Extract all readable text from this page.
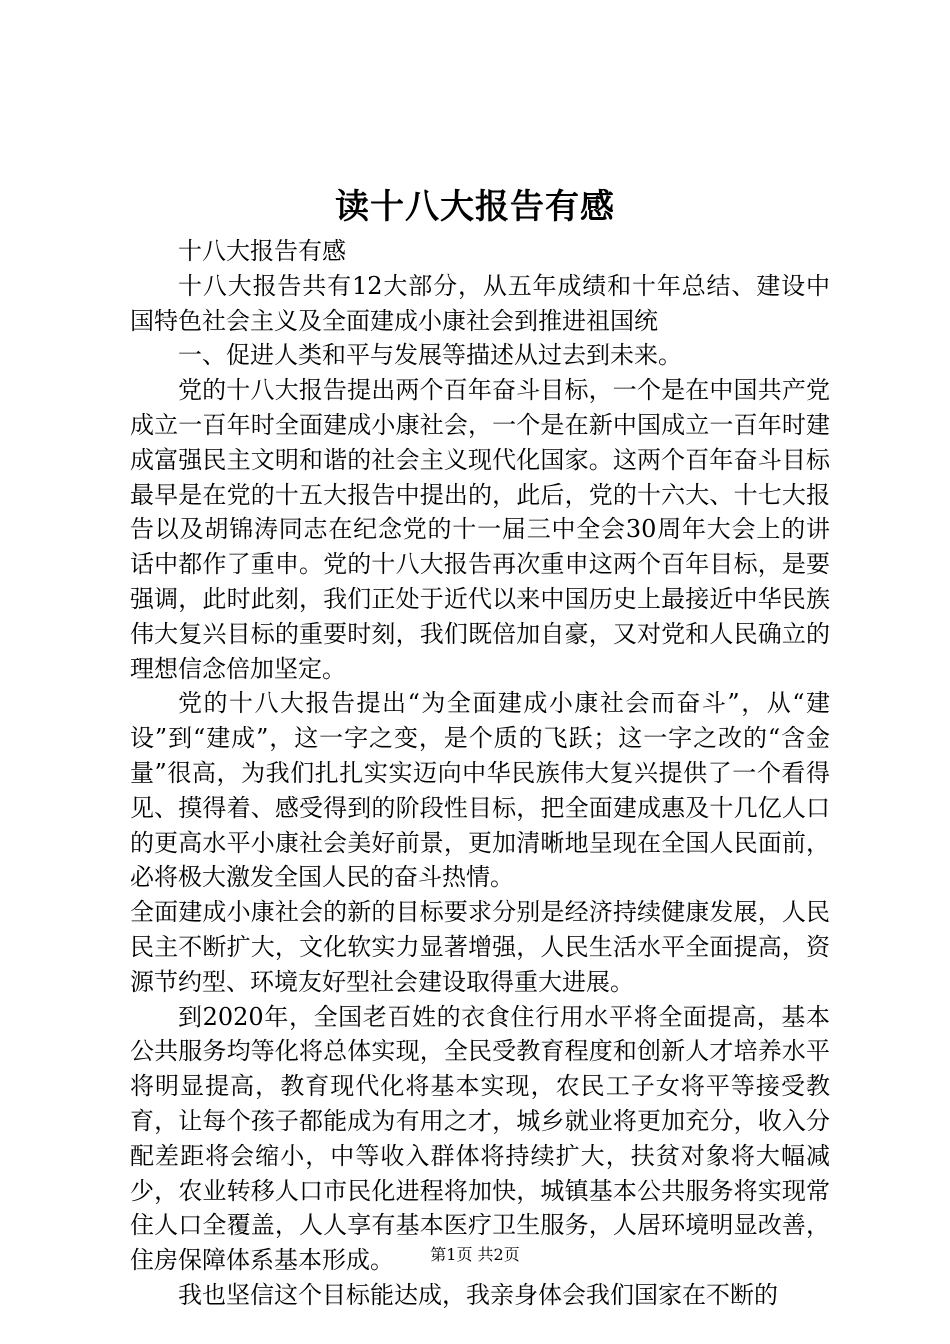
读十八大报告有感

十八大报告有感

十八大报告共有12大部分，从五年成绩和十年总结、建设中国特色社会主义及全面建成小康社会到推进祖国统

一、促进人类和平与发展等描述从过去到未来。

党的十八大报告提出两个百年奋斗目标，一个是在中国共产党成立一百年时全面建成小康社会，一个是在新中国成立一百年时建成富强民主文明和谐的社会主义现代化国家。这两个百年奋斗目标最早是在党的十五大报告中提出的，此后，党的十六大、十七大报告以及胡锦涛同志在纪念党的十一届三中全会30周年大会上的讲话中都作了重申。党的十八大报告再次重申这两个百年目标，是要强调，此时此刻，我们正处于近代以来中国历史上最接近中华民族伟大复兴目标的重要时刻，我们既倍加自豪，又对党和人民确立的理想信念倍加坚定。

党的十八大报告提出“为全面建成小康社会而奋斗”，从“建设”到“建成”，这一字之变，是个质的飞跃；这一字之改的“含金量”很高，为我们扎扎实实迈向中华民族伟大复兴提供了一个看得见、摸得着、感受得到的阶段性目标，把全面建成惠及十几亿人口的更高水平小康社会美好前景，更加清晰地呈现在全国人民面前，必将极大激发全国人民的奋斗热情。

全面建成小康社会的新的目标要求分别是经济持续健康发展，人民民主不断扩大，文化软实力显著增强，人民生活水平全面提高，资源节约型、环境友好型社会建设取得重大进展。

到2020年，全国老百姓的衣食住行用水平将全面提高，基本公共服务均等化将总体实现，全民受教育程度和创新人才培养水平将明显提高，教育现代化将基本实现，农民工子女将平等接受教育，让每个孩子都能成为有用之才，城乡就业将更加充分，收入分配差距将会缩小，中等收入群体将持续扩大，扶贫对象将大幅减少，农业转移人口市民化进程将加快，城镇基本公共服务将实现常住人口全覆盖，人人享有基本医疗卫生服务，人居环境明显改善，住房保障体系基本形成。

我也坚信这个目标能达成，我亲身体会我们国家在不断的

第1页 共2页
